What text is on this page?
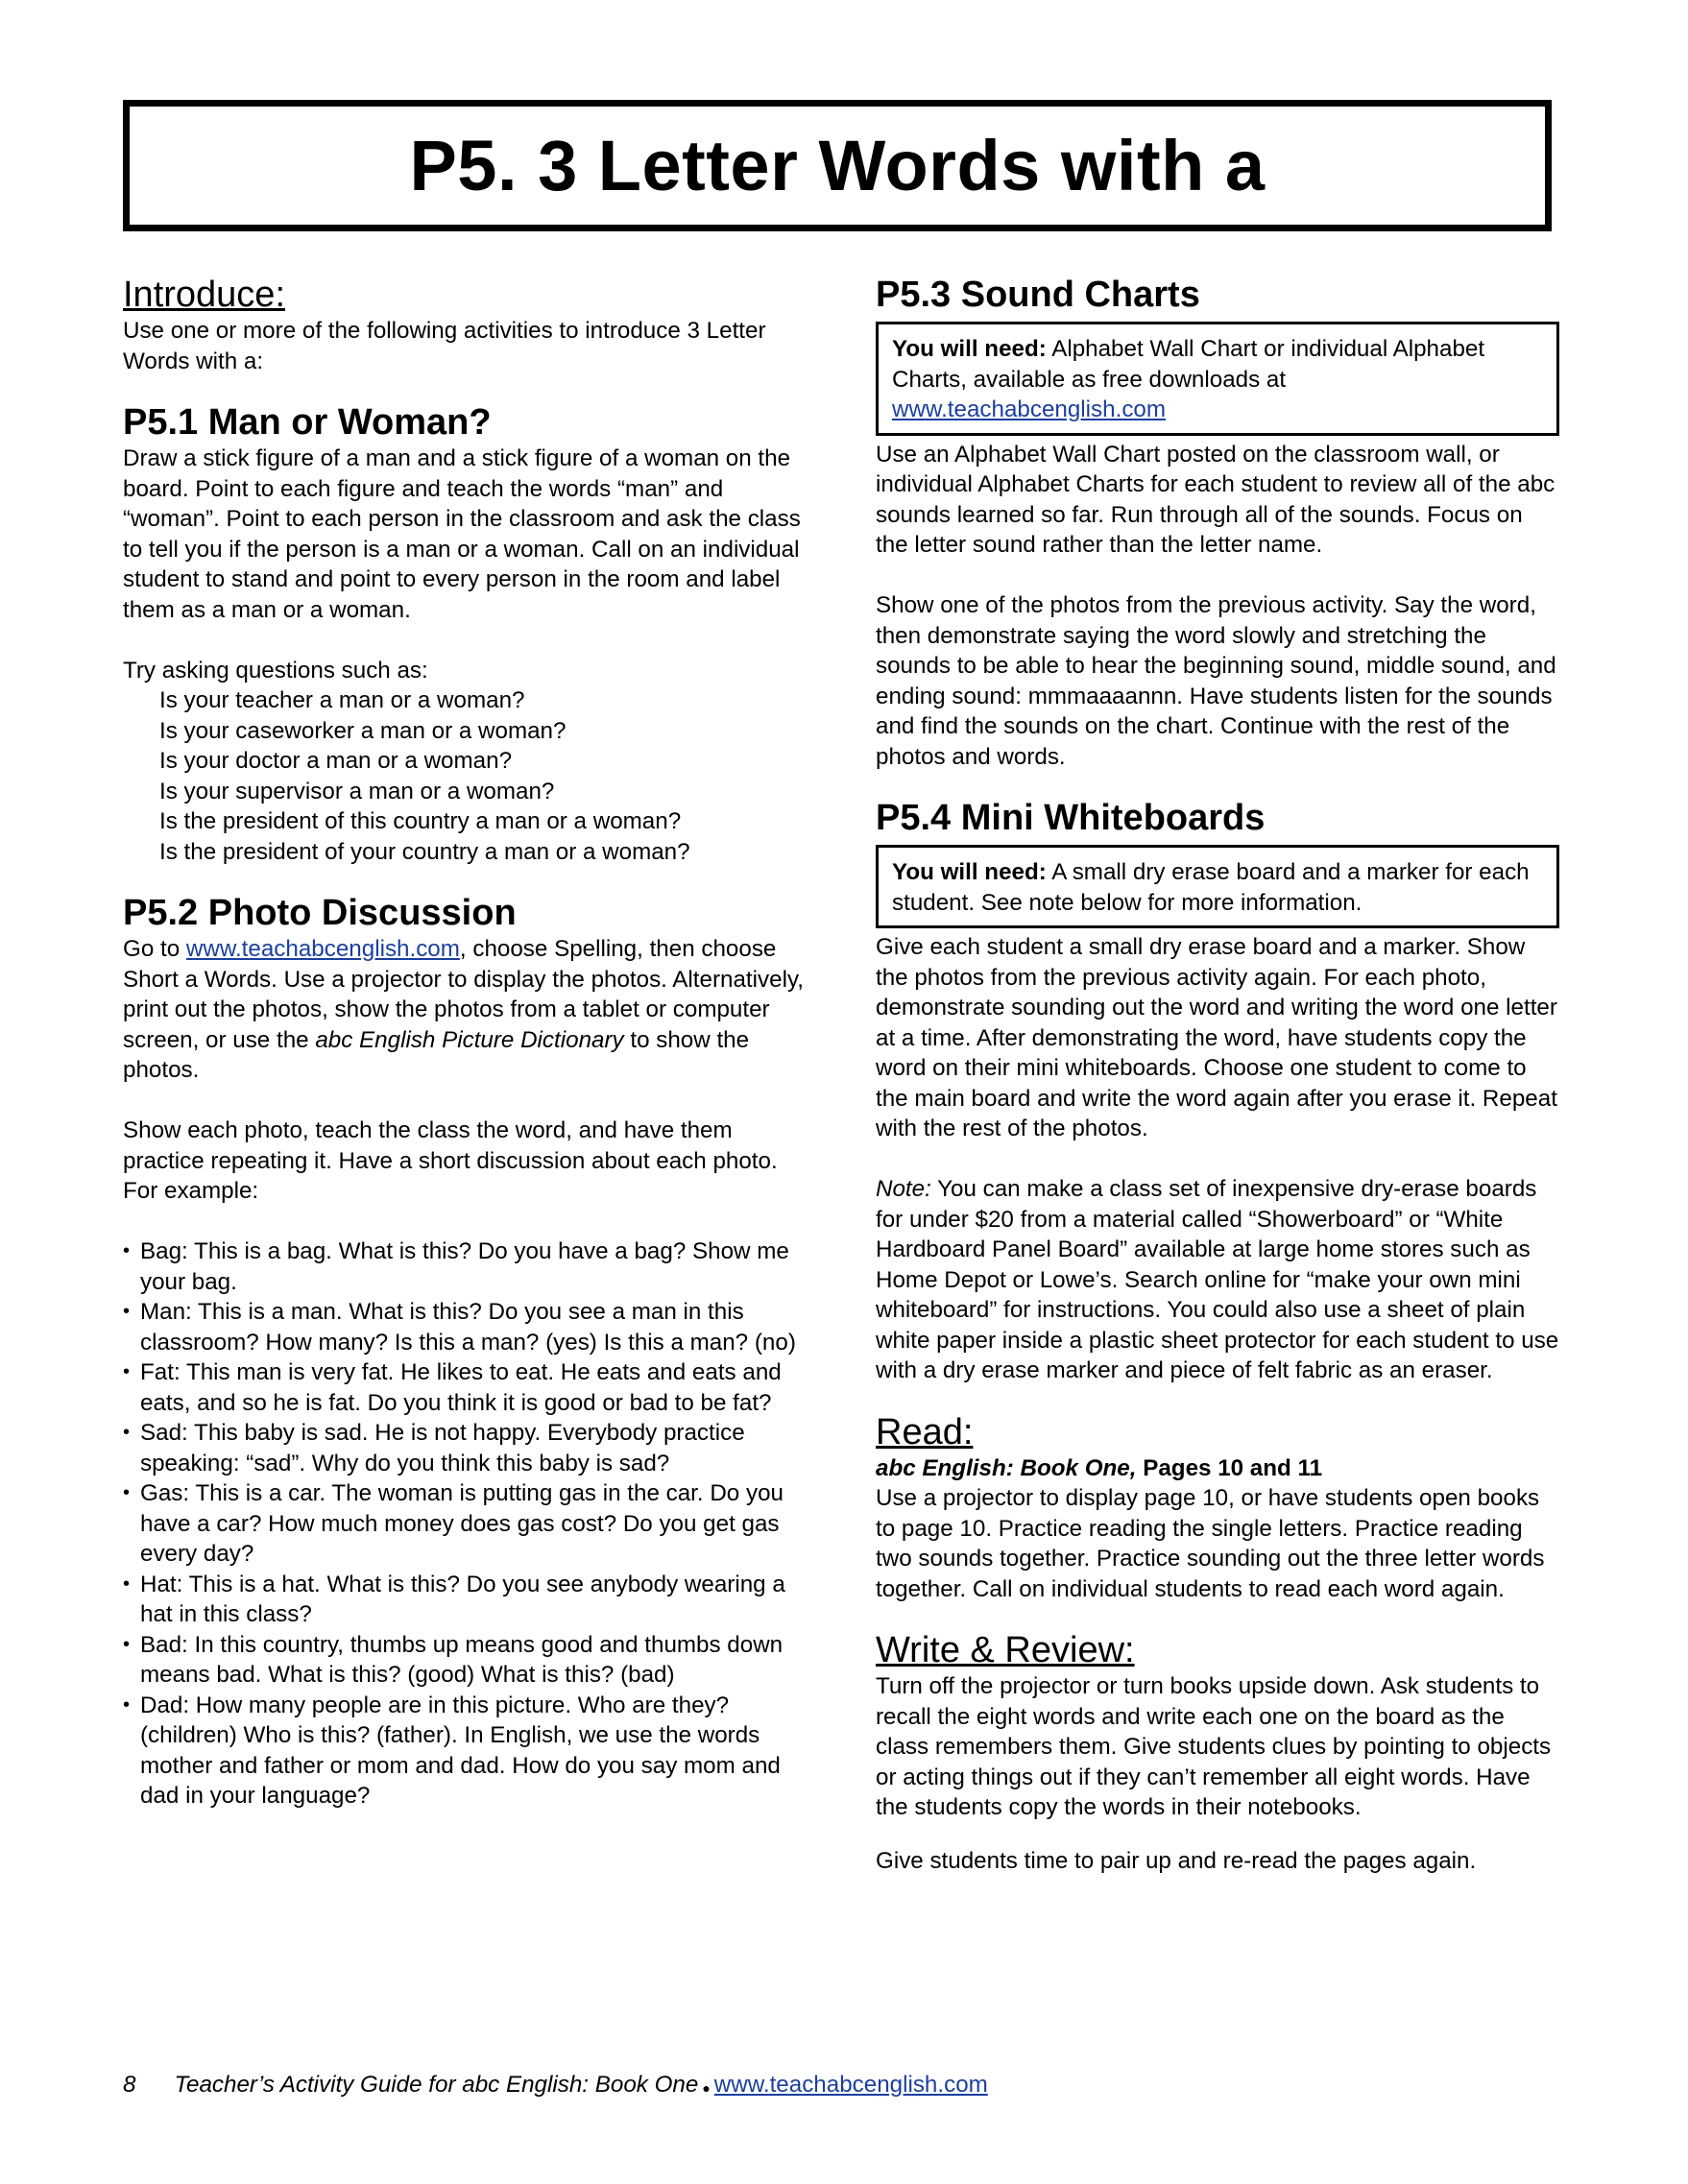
P5. 3 Letter Words with a
Introduce:

Use one or more of the following activities to introduce 3 Letter Words with a:

P5.1 Man or Woman?

Draw a stick figure of a man and a stick figure of a woman on the board. Point to each figure and teach the words “man” and “woman”. Point to each person in the classroom and ask the class to tell you if the person is a man or a woman. Call on an individual student to stand and point to every person in the room and label them as a man or a woman.

Try asking questions such as:

Is your teacher a man or a woman?

Is your caseworker a man or a woman?

Is your doctor a man or a woman?

Is your supervisor a man or a woman?

Is the president of this country a man or a woman?

Is the president of your country a man or a woman?

P5.2 Photo Discussion

Go to www.teachabcenglish.com, choose Spelling, then choose Short a Words. Use a projector to display the photos. Alternatively, print out the photos, show the photos from a tablet or computer screen, or use the abc English Picture Dictionary to show the photos.

Show each photo, teach the class the word, and have them practice repeating it. Have a short discussion about each photo. For example:

• Bag: This is a bag. What is this? Do you have a bag? Show me your bag.
• Man: This is a man. What is this? Do you see a man in this classroom? How many? Is this a man? (yes) Is this a man? (no)
• Fat: This man is very fat. He likes to eat. He eats and eats and eats, and so he is fat. Do you think it is good or bad to be fat?
• Sad: This baby is sad. He is not happy. Everybody practice speaking: “sad”. Why do you think this baby is sad?
• Gas: This is a car. The woman is putting gas in the car. Do you have a car? How much money does gas cost? Do you get gas every day?
• Hat: This is a hat. What is this? Do you see anybody wearing a hat in this class?
• Bad: In this country, thumbs up means good and thumbs down means bad. What is this? (good) What is this? (bad)
• Dad: How many people are in this picture. Who are they? (children) Who is this? (father). In English, we use the words mother and father or mom and dad. How do you say mom and dad in your language?
P5.3 Sound Charts

You will need: Alphabet Wall Chart or individual Alphabet Charts, available as free downloads at www.teachabcenglish.com

Use an Alphabet Wall Chart posted on the classroom wall, or individual Alphabet Charts for each student to review all of the abc sounds learned so far. Run through all of the sounds. Focus on the letter sound rather than the letter name.

Show one of the photos from the previous activity. Say the word, then demonstrate saying the word slowly and stretching the sounds to be able to hear the beginning sound, middle sound, and ending sound: mmmaaaannn. Have students listen for the sounds and find the sounds on the chart. Continue with the rest of the photos and words.

P5.4 Mini Whiteboards

You will need: A small dry erase board and a marker for each student. See note below for more information.

Give each student a small dry erase board and a marker. Show the photos from the previous activity again. For each photo, demonstrate sounding out the word and writing the word one letter at a time. After demonstrating the word, have students copy the word on their mini whiteboards. Choose one student to come to the main board and write the word again after you erase it. Repeat with the rest of the photos.

Note: You can make a class set of inexpensive dry-erase boards for under $20 from a material called “Showerboard” or “White Hardboard Panel Board” available at large home stores such as Home Depot or Lowe’s. Search online for “make your own mini whiteboard” for instructions. You could also use a sheet of plain white paper inside a plastic sheet protector for each student to use with a dry erase marker and piece of felt fabric as an eraser.

Read:

abc English: Book One, Pages 10 and 11

Use a projector to display page 10, or have students open books to page 10. Practice reading the single letters. Practice reading two sounds together. Practice sounding out the three letter words together. Call on individual students to read each word again.

Write & Review:

Turn off the projector or turn books upside down. Ask students to recall the eight words and write each one on the board as the class remembers them. Give students clues by pointing to objects or acting things out if they can’t remember all eight words. Have the students copy the words in their notebooks.

Give students time to pair up and re-read the pages again.

8 Teacher’s Activity Guide for abc English: Book One ● www.teachabcenglish.com
